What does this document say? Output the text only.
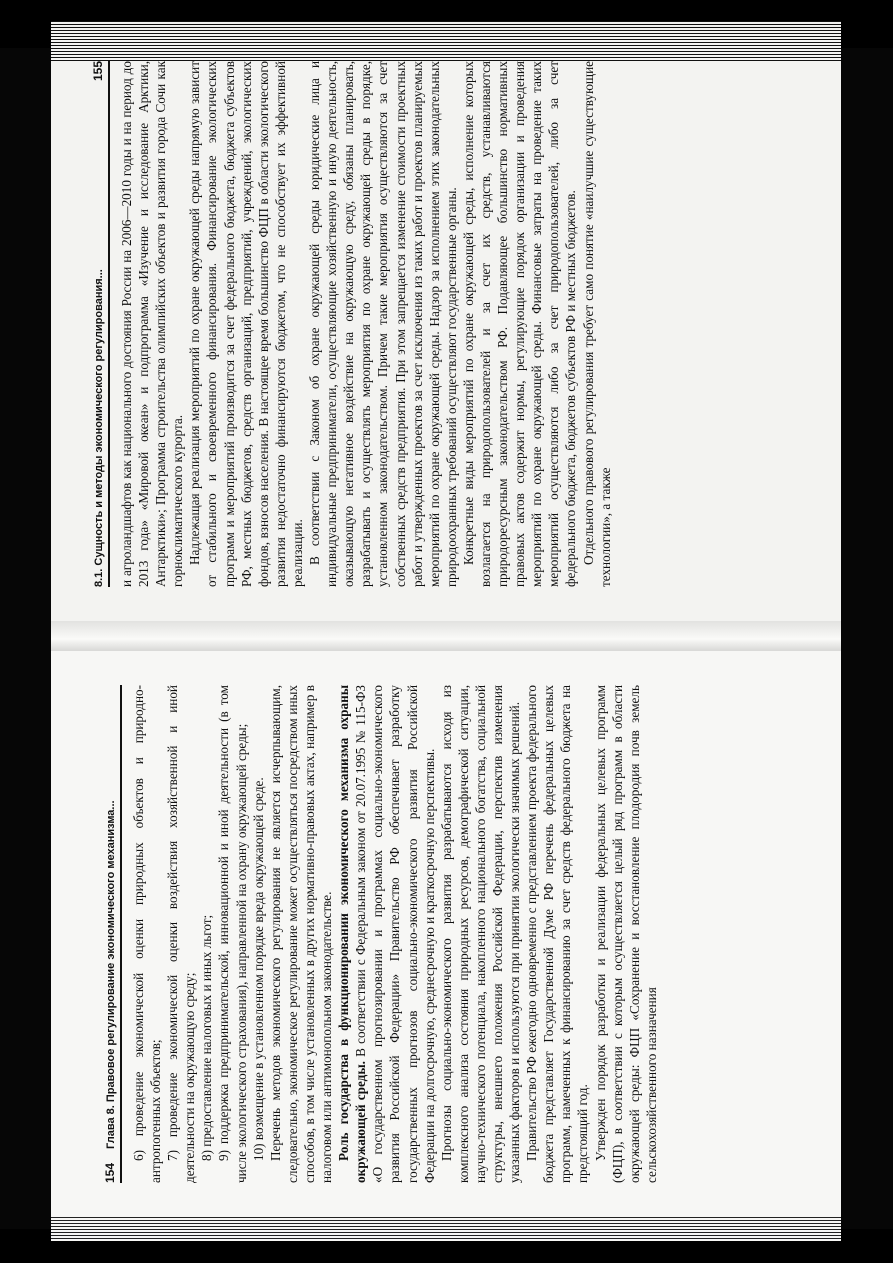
154
Глава 8. Правовое регулирование экономического механизма... 6) проведение экономической оценки природных объектов и природно-антропогенных объектов; 7) проведение экономической оценки воздействия хозяйственной и иной деятельности на окружающую среду; 8) предоставление налоговых и иных льгот; 9) поддержка предпринимательской, инновационной и иной деятельности (в том числе экологического страхования), направленной на охрану окружающей среды; 10) возмещение в установленном порядке вреда окружающей среде. Перечень методов экономического регулирования не является исчерпывающим, следовательно, экономическое регулирование может осуществляться посредством иных способов, в том числе установленных в других нормативно-правовых актах, например в налоговом или антимонопольном законодательстве. Роль государства в функционировании экономического механизма охраны окружающей среды. В соответствии с Федеральным законом от 20.07.1995 № 115-ФЗ «О государственном прогнозировании и программах социально-экономического развития Российской Федерации» Правительство РФ обеспечивает разработку государственных прогнозов социально-экономического развития Российской Федерации на долгосрочную, среднесрочную и краткосрочную перспективы. Прогнозы социально-экономического развития разрабатываются исходя из комплексного анализа состояния природных ресурсов, демографической ситуации, научно-технического потенциала, накопленного национального богатства, социальной структуры, внешнего положения Российской Федерации, перспектив изменения указанных факторов и используются при принятии экологически значимых решений. Правительство РФ ежегодно одновременно с представлением проекта федерального бюджета представляет Государственной Думе РФ перечень федеральных целевых программ, намеченных к финансированию за счет средств федерального бюджета на предстоящий год. Утвержден порядок разработки и реализации федеральных целевых программ (ФЦП), в соответствии с которым осуществляется целый ряд программ в области окружающей среды: ФЦП «Сохранение и восстановление плодородия почв земель сельскохозяйственного назначения

8.1. Сущность и методы экономического регулирования...
155 и агроландшафтов как национального достояния России на 2006—2010 годы и на период до 2013 года» «Мировой океан» и подпрограмма «Изучение и исследование Арктики, Антарктики»; Программа строительства олимпийских объектов и развития города Сочи как горноклиматического курорта. Надлежащая реализация мероприятий по охране окружающей среды напрямую зависит от стабильного и своевременного финансирования. Финансирование экологических программ и мероприятий производится за счет федерального бюджета, бюджета субъектов РФ, местных бюджетов, средств организаций, предприятий, учреждений, экологических фондов, взносов населения. В настоящее время большинство ФЦП в области экологического развития недостаточно финансируются бюджетом, что не способствует их эффективной реализации. В соответствии с Законом об охране окружающей среды юридические лица и индивидуальные предприниматели, осуществляющие хозяйственную и иную деятельность, оказывающую негативное воздействие на окружающую среду, обязаны планировать, разрабатывать и осуществлять мероприятия по охране окружающей среды в порядке, установленном законодательством. Причем такие мероприятия осуществляются за счет собственных средств предприятия. При этом запрещается изменение стоимости проектных работ и утвержденных проектов за счет исключения из таких работ и проектов планируемых мероприятий по охране окружающей среды. Надзор за исполнением этих законодательных природоохранных требований осуществляют государственные органы. Конкретные виды мероприятий по охране окружающей среды, исполнение которых возлагается на природопользователей и за счет их средств, устанавливаются природоресурсным законодательством РФ. Подавляющее большинство нормативных правовых актов содержит нормы, регулирующие порядок организации и проведения мероприятий по охране окружающей среды. Финансовые затраты на проведение таких мероприятий осуществляются либо за счет природопользователей, либо за счет федерального бюджета, бюджетов субъектов РФ и местных бюджетов. Отдельного правового регулирования требует само понятие «наилучшие существующие технологии», а также
